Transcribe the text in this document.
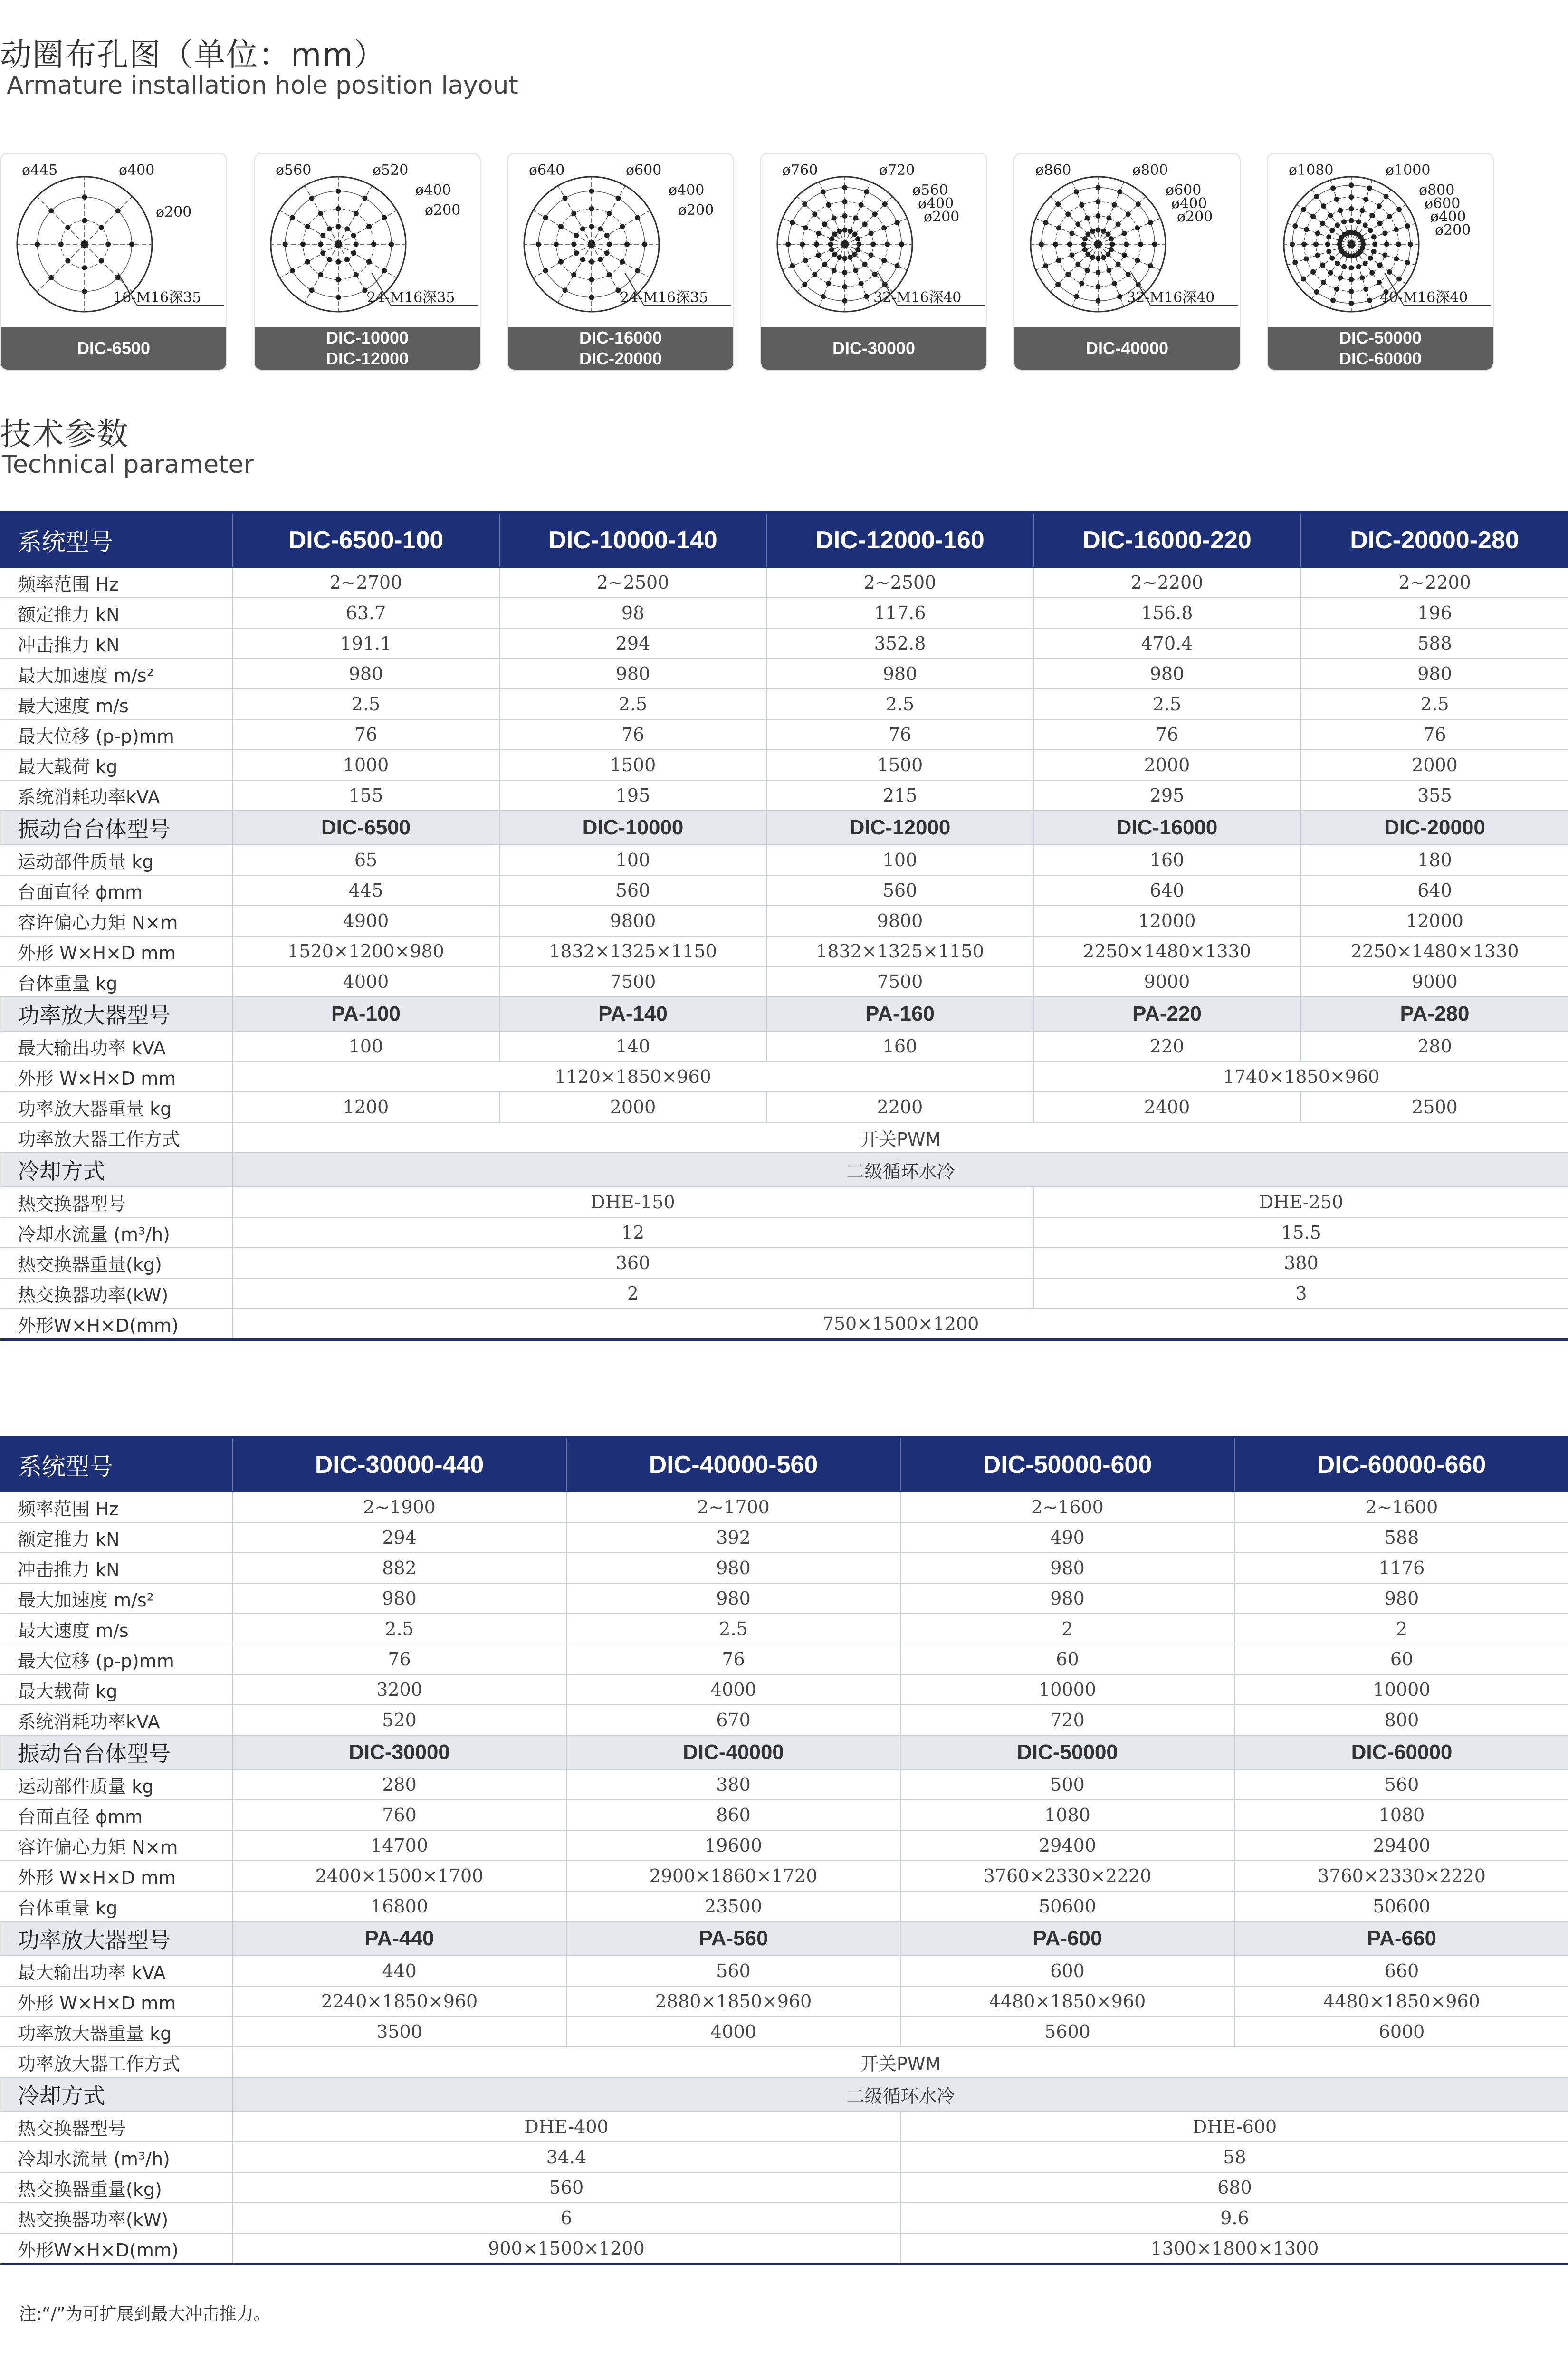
动圈布孔图（单位：mm）
Armature installation hole position layout
ø445	ø400
ø200
16-M16深35
DIC-6500
ø560	ø520
ø400
ø200
24-M16深35
DIC-10000
DIC-12000
ø640	ø600
ø400
ø200
24-M16深35
DIC-16000
DIC-20000
ø760	ø720
ø560
ø400
ø200
32-M16深40
DIC-30000
ø860	ø800
ø600
ø400
ø200
32-M16深40
DIC-40000
ø1080	ø1000
ø800
ø600
ø400
ø200
40-M16深40
DIC-50000
DIC-60000
技术参数
Technical parameter
系统型号	DIC-6500-100	DIC-10000-140	DIC-12000-160	DIC-16000-220	DIC-20000-280
频率范围 Hz	2~2700	2~2500	2~2500	2~2200	2~2200
额定推力 kN	63.7	98	117.6	156.8	196
冲击推力 kN	191.1	294	352.8	470.4	588
最大加速度 m/s²	980	980	980	980	980
最大速度 m/s	2.5	2.5	2.5	2.5	2.5
最大位移 (p-p)mm	76	76	76	76	76
最大载荷 kg	1000	1500	1500	2000	2000
系统消耗功率kVA	155	195	215	295	355
振动台台体型号	DIC-6500	DIC-10000	DIC-12000	DIC-16000	DIC-20000
运动部件质量 kg	65	100	100	160	180
台面直径 ϕmm	445	560	560	640	640
容许偏心力矩 N×m	4900	9800	9800	12000	12000
外形 W×H×D mm	1520×1200×980	1832×1325×1150	1832×1325×1150	2250×1480×1330	2250×1480×1330
台体重量 kg	4000	7500	7500	9000	9000
功率放大器型号	PA-100	PA-140	PA-160	PA-220	PA-280
最大输出功率 kVA	100	140	160	220	280
外形 W×H×D mm	1120×1850×960			1740×1850×960	
功率放大器重量 kg	1200	2000	2200	2400	2500
功率放大器工作方式	开关PWM				
冷却方式	二级循环水冷				
热交换器型号	DHE-150			DHE-250	
冷却水流量 (m³/h)	12			15.5	
热交换器重量(kg)	360			380	
热交换器功率(kW)	2			3	
外形W×H×D(mm)	750×1500×1200				
系统型号	DIC-30000-440	DIC-40000-560	DIC-50000-600	DIC-60000-660
频率范围 Hz	2~1900	2~1700	2~1600	2~1600
额定推力 kN	294	392	490	588
冲击推力 kN	882	980	980	1176
最大加速度 m/s²	980	980	980	980
最大速度 m/s	2.5	2.5	2	2
最大位移 (p-p)mm	76	76	60	60
最大载荷 kg	3200	4000	10000	10000
系统消耗功率kVA	520	670	720	800
振动台台体型号	DIC-30000	DIC-40000	DIC-50000	DIC-60000
运动部件质量 kg	280	380	500	560
台面直径 ϕmm	760	860	1080	1080
容许偏心力矩 N×m	14700	19600	29400	29400
外形 W×H×D mm	2400×1500×1700	2900×1860×1720	3760×2330×2220	3760×2330×2220
台体重量 kg	16800	23500	50600	50600
功率放大器型号	PA-440	PA-560	PA-600	PA-660
最大输出功率 kVA	440	560	600	660
外形 W×H×D mm	2240×1850×960	2880×1850×960	4480×1850×960	4480×1850×960
功率放大器重量 kg	3500	4000	5600	6000
功率放大器工作方式	开关PWM			
冷却方式	二级循环水冷			
热交换器型号	DHE-400		DHE-600	
冷却水流量 (m³/h)	34.4		58	
热交换器重量(kg)	560		680	
热交换器功率(kW)	6		9.6	
外形W×H×D(mm)	900×1500×1200		1300×1800×1300	
注:“/”为可扩展到最大冲击推力。
